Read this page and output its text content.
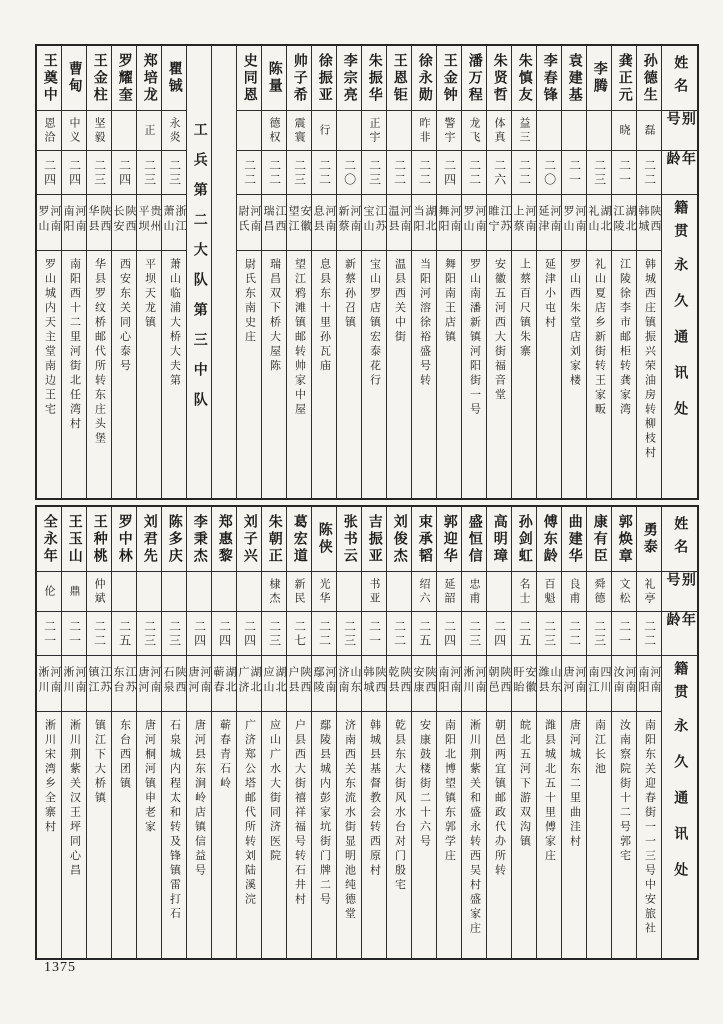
姓名
别号
年龄
籍贯
永久通讯处
孙德生
磊
二二
陕西韩城
韩城西庄镇振兴荣油房转柳枝村
龚正元
晓
二一
湖北江陵
江陵徐李市邮柜转龚家湾
李腾
二三
湖北礼山
礼山夏店乡新街转王家畈
袁建基
二一
河南罗山
罗山西朱堂店刘家楼
李春锋
二〇
河南延津
延津小屯村
朱慎友
益三
二二
河南上蔡
上蔡百尺镇朱寨
朱贤哲
体真
二六
江苏睢宁
安徽五河西大街福音堂
潘万程
龙飞
二二
河南罗山
罗山南潘新镇河阳街一号
王金钟
警宇
二四
河南舞阳
舞阳南王店镇
徐永勋
昨非
二二
湖北当阳
当阳河溶徐裕盛号转
王恩钜
二二
河南温县
温县西关中街
朱振华
正宇
二三
江苏宝山
宝山罗店镇宏泰花行
李宗亮
二〇
河南新蔡
新蔡孙召镇
徐振亚
行
二二
河南息县
息县东十里孙瓦庙
帅子希
震寰
二三
安徽望江
望江鸦滩镇邮转帅家中屋
陈量
德权
二二
江西瑞昌
瑞昌双下桥大屋陈
史同恩
二二
河南尉氏
尉氏东南史庄
工兵第二大队第三中队
瞿铖
永炎
二三
浙江萧山
萧山临浦大桥大夫第
郑培龙
正
二三
贵州平坝
平坝天龙镇
罗耀奎
二四
陕西长安
西安东关同心泰号
王金柱
坚毅
二三
陕西华县
华县罗纹桥邮代所转东庄头堡
曹甸
中义
二四
河南南阳
南阳西十二里河街北任湾村
王奠中
恩洽
二四
河南罗山
罗山城内天主堂南边王宅
姓名
别号
年龄
籍贯
永久通讯处
勇泰
礼亭
二二
河南南阳
南阳东关迎春街一一三号中安旅社
郭焕章
文松
二一
河南汝南
汝南察院街十二号郭宅
康有臣
舜德
二三
四川南江
南江长池
曲建华
良甫
二二
河南唐河
唐河城东二里曲洼村
傅东龄
百魁
二三
山东潍县
潍县城北五十里傅家庄
孙剑虹
名士
二五
安徽盱眙
皖北五河下游双沟镇
高明璋
二四
陕西朝邑
朝邑两宜镇邮政代办所转
盛恒信
忠甫
二三
河南淅川
淅川荆紫关和盛永转西吴村盛家庄
郭迎华
延韶
二四
河南南阳
南阳北博望镇东郭学庄
束承韬
绍六
二五
陕西安康
安康鼓楼街二十六号
刘俊杰
二二
陕西乾县
乾县东大街风水台对门殷宅
吉振亚
书亚
二一
陕西韩城
韩城县基督教会转西原村
张书云
二三
山东济南
济南西关东流水街显明池纯德堂
陈侠
光华
二二
河南鄢陵
鄢陵县城内彭家坑街门牌二号
葛宏道
新民
二七
陕西户县
户县西大街禧祥福号转石井村
朱朝正
棣杰
二三
湖北应山
应山广水大街同济医院
刘子兴
二四
湖北广济
广济郑公塔邮代所转刘陆溪浣
郑惠黎
二四
湖北蕲春
蕲春青石岭
李秉杰
二四
河南唐河
唐河县东涧岭店镇信益号
陈多庆
二三
陕西石泉
石泉城内程太和转及锋镇雷打石
刘君先
二三
河南唐河
唐河桐河镇申老家
罗中林
二五
江苏东台
东台西团镇
王种桃
仲斌
二二
江苏镇江
镇江下大桥镇
王玉山
鼎
二一
河南淅川
淅川荆紫关汉王坪同心昌
全永年
伦
二一
河南淅川
淅川宋湾乡全寨村
1375
